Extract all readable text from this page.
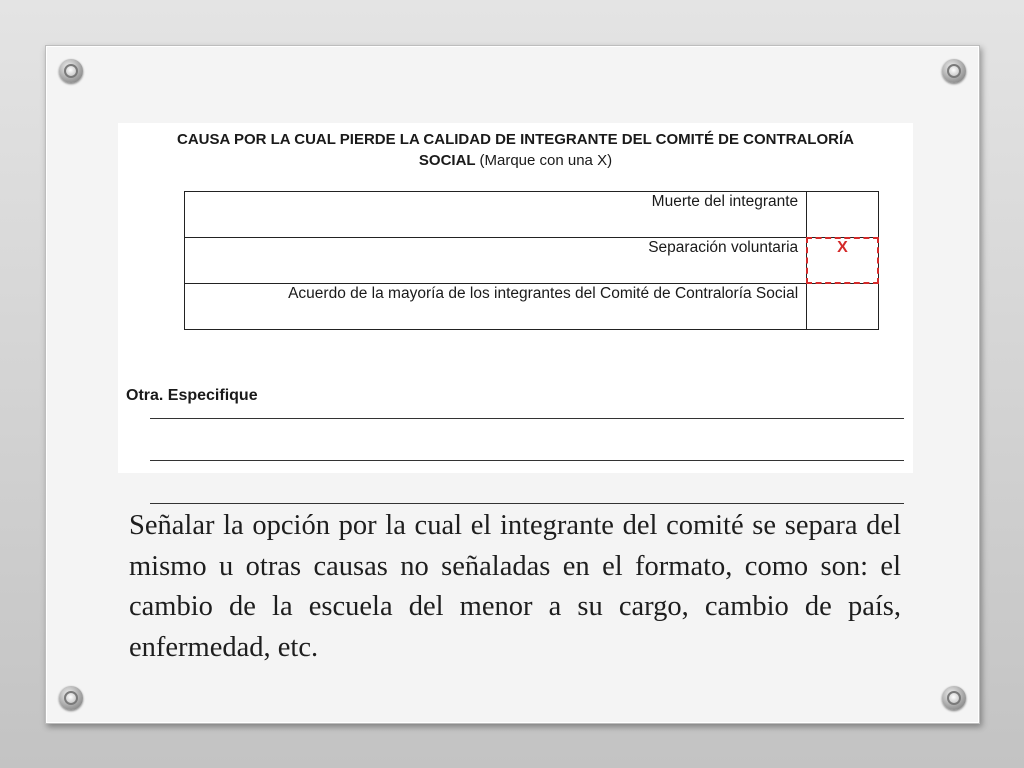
CAUSA POR LA CUAL PIERDE LA CALIDAD DE INTEGRANTE DEL COMITÉ DE CONTRALORÍA
SOCIAL (Marque con una X)
Muerte del integrante	

Separación voluntaria	X

Acuerdo de la mayoría de los integrantes del Comité de Contraloría Social	
Otra. Especifique

Señalar la opción por la cual el integrante del comité se separa del mismo u otras causas no señaladas en el formato, como son: el cambio de la escuela del menor a su cargo, cambio de país, enfermedad, etc.
